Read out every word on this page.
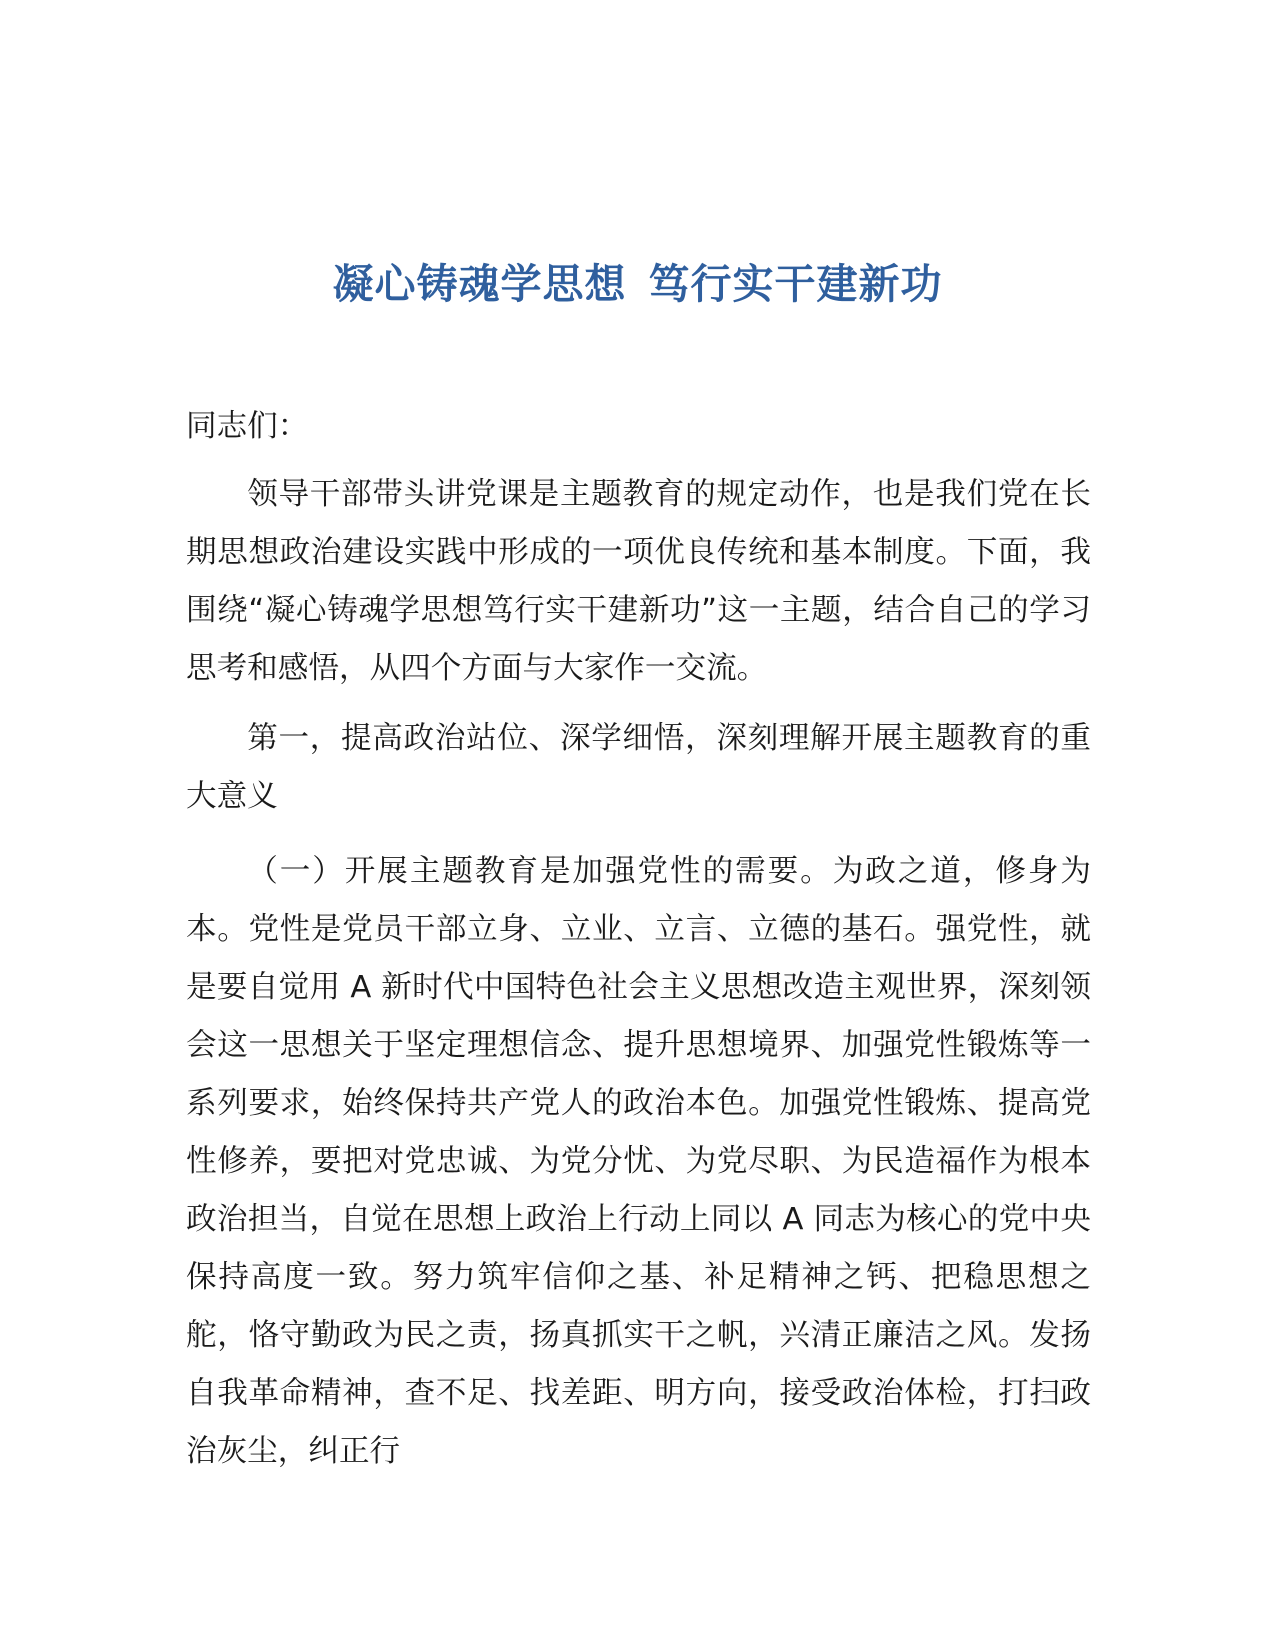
凝心铸魂学思想 笃行实干建新功

同志们：

领导干部带头讲党课是主题教育的规定动作，也是我们党在长期思想政治建设实践中形成的一项优良传统和基本制度。下面，我围绕“凝心铸魂学思想笃行实干建新功”这一主题，结合自己的学习思考和感悟，从四个方面与大家作一交流。

第一，提高政治站位、深学细悟，深刻理解开展主题教育的重大意义

（一）开展主题教育是加强党性的需要。为政之道，修身为本。党性是党员干部立身、立业、立言、立德的基石。强党性，就是要自觉用 A 新时代中国特色社会主义思想改造主观世界，深刻领会这一思想关于坚定理想信念、提升思想境界、加强党性锻炼等一系列要求，始终保持共产党人的政治本色。加强党性锻炼、提高党性修养，要把对党忠诚、为党分忧、为党尽职、为民造福作为根本政治担当，自觉在思想上政治上行动上同以 A 同志为核心的党中央保持高度一致。努力筑牢信仰之基、补足精神之钙、把稳思想之舵，恪守勤政为民之责，扬真抓实干之帆，兴清正廉洁之风。发扬自我革命精神，查不足、找差距、明方向，接受政治体检，打扫政治灰尘，纠正行
